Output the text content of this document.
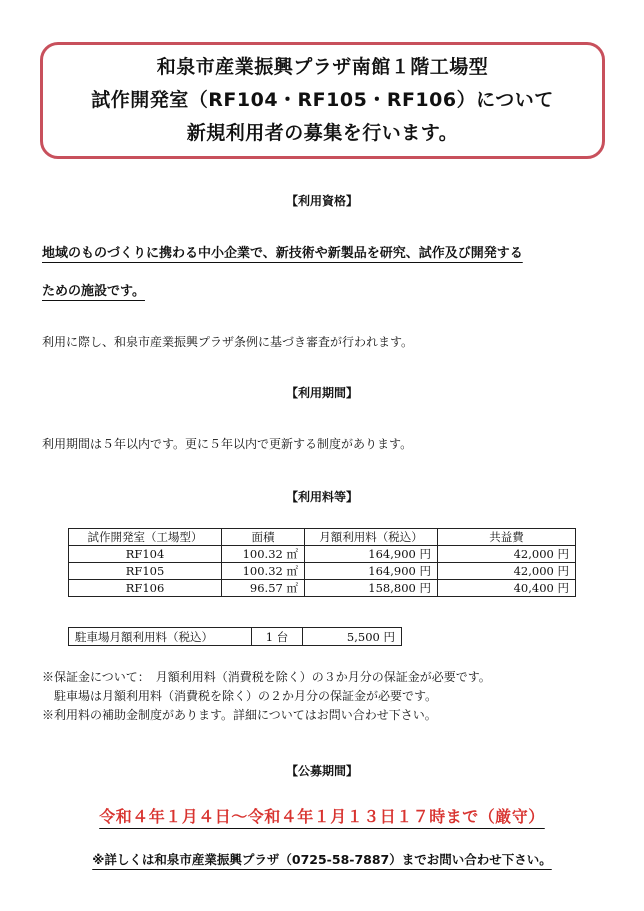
和泉市産業振興プラザ南館１階工場型
試作開発室（RF104・RF105・RF106）について
新規利用者の募集を行います。
【利用資格】
地域のものづくりに携わる中小企業で、新技術や新製品を研究、試作及び開発する
ための施設です。
利用に際し、和泉市産業振興プラザ条例に基づき審査が行われます。
【利用期間】
利用期間は５年以内です。更に５年以内で更新する制度があります。
【利用料等】
試作開発室（工場型）	面積	月額利用料（税込）	共益費
RF104	100.32 ㎡	164,900 円	42,000 円
RF105	100.32 ㎡	164,900 円	42,000 円
RF106	96.57 ㎡	158,800 円	40,400 円
駐車場月額利用料（税込）	1 台	5,500 円
※保証金について：　月額利用料（消費税を除く）の３か月分の保証金が必要です。
　駐車場は月額利用料（消費税を除く）の２か月分の保証金が必要です。
※利用料の補助金制度があります。詳細についてはお問い合わせ下さい。
【公募期間】
令和４年１月４日～令和４年１月１３日１７時まで（厳守）
※詳しくは和泉市産業振興プラザ（0725-58-7887）までお問い合わせ下さい。
